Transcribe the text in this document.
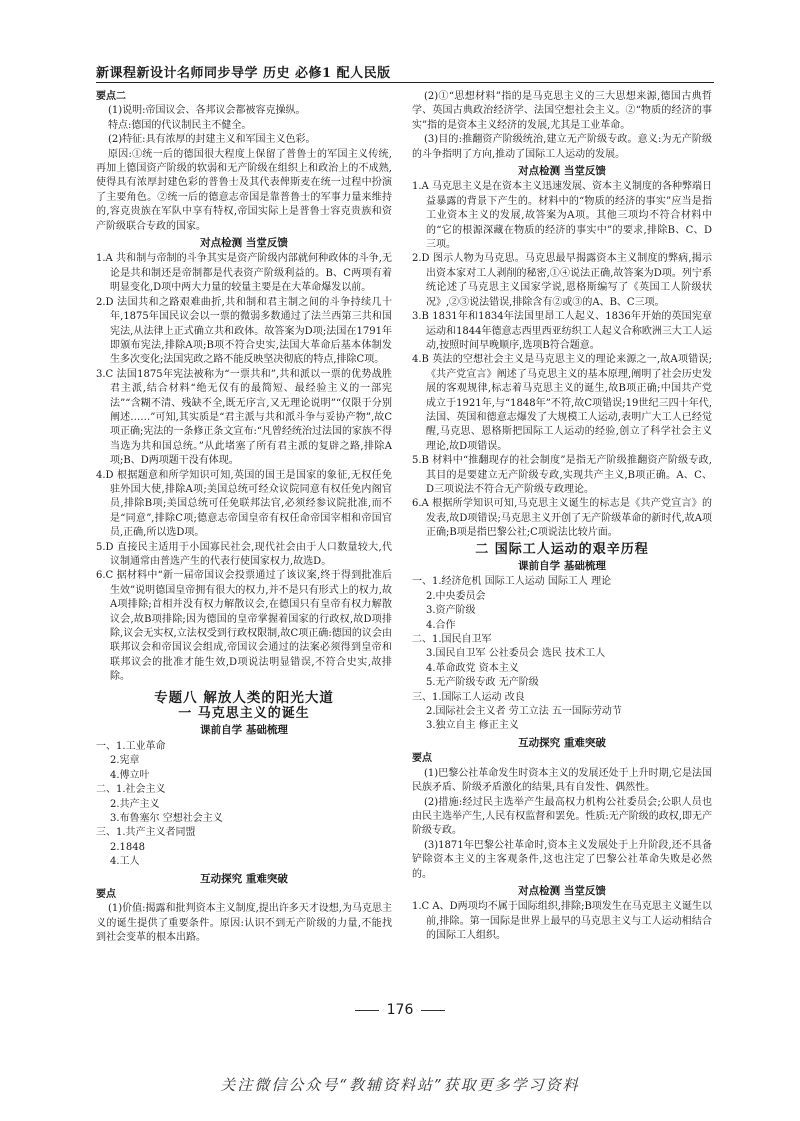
新课程新设计名师同步导学 历史 必修1 配人民版

要点二

(1)说明:帝国议会、各邦议会都被容克操纵。

特点:德国的代议制民主不健全。

(2)特征:具有浓厚的封建主义和军国主义色彩。

原因:①统一后的德国很大程度上保留了普鲁士的军国主义传统,再加上德国资产阶级的软弱和无产阶级在组织上和政治上的不成熟,使得具有浓厚封建色彩的普鲁士及其代表俾斯麦在统一过程中扮演了主要角色。②统一后的德意志帝国是靠普鲁士的军事力量来维持的,容克贵族在军队中享有特权,帝国实际上是普鲁士容克贵族和资产阶级联合专政的国家。

对点检测 当堂反馈

1.A 共和制与帝制的斗争其实是资产阶级内部就何种政体的斗争,无论是共和制还是帝制都是代表资产阶级利益的。B、C两项有着明显变化,D项中两大力量的较量主要是在大革命爆发以前。

2.D 法国共和之路艰难曲折,共和制和君主制之间的斗争持续几十年,1875年国民议会以一票的微弱多数通过了法兰西第三共和国宪法,从法律上正式确立共和政体。故答案为D项;法国在1791年即颁布宪法,排除A项;B项不符合史实,法国大革命后基本体制发生多次变化;法国宪政之路不能反映坚决彻底的特点,排除C项。

3.C 法国1875年宪法被称为“一票共和”,共和派以一票的优势战胜君主派,结合材料“绝无仅有的最简短、最经验主义的一部宪法”“含糊不清、残缺不全,既无序言,又无理论说明”“仅限于分别阐述……”可知,其实质是“君主派与共和派斗争与妥协产物”,故C项正确;宪法的一条修正条文宣布:“凡曾经统治过法国的家族不得当选为共和国总统。”从此堵塞了所有君主派的复辟之路,排除A项;B、D两项题干没有体现。

4.D 根据题意和所学知识可知,英国的国王是国家的象征,无权任免驻外国大使,排除A项;美国总统可经众议院同意有权任免内阁官员,排除B项;美国总统可任免联邦法官,必须经参议院批准,而不是“同意”,排除C项;德意志帝国皇帝有权任命帝国宰相和帝国官员,正确,所以选D项。

5.D 直接民主适用于小国寡民社会,现代社会由于人口数量较大,代议制通常由普选产生的代表行使国家权力,故选D。

6.C 据材料中“新一届帝国议会投票通过了该议案,终于得到批准后生效”说明德国皇帝拥有很大的权力,并不是只有形式上的权力,故A项排除;首相并没有权力解散议会,在德国只有皇帝有权力解散议会,故B项排除;因为德国的皇帝掌握着国家的行政权,故D项排除,议会无实权,立法权受到行政权限制,故C项正确:德国的议会由联邦议会和帝国议会组成,帝国议会通过的法案必须得到皇帝和联邦议会的批准才能生效,D项说法明显错误,不符合史实,故排除。

专题八 解放人类的阳光大道
一 马克思主义的诞生
课前自学 基础梳理

一、1.工业革命

2.宪章

4.傅立叶

二、1.社会主义

2.共产主义

3.布鲁塞尔 空想社会主义

三、1.共产主义者同盟

2.1848

4.工人

互动探究 重难突破

要点

(1)价值:揭露和批判资本主义制度,提出许多天才设想,为马克思主义的诞生提供了重要条件。原因:认识不到无产阶级的力量,不能找到社会变革的根本出路。

(2)①“思想材料”指的是马克思主义的三大思想来源,德国古典哲学、英国古典政治经济学、法国空想社会主义。②“物质的经济的事实”指的是资本主义经济的发展,尤其是工业革命。

(3)目的:推翻资产阶级统治,建立无产阶级专政。意义:为无产阶级的斗争指明了方向,推动了国际工人运动的发展。

对点检测 当堂反馈

1.A 马克思主义是在资本主义迅速发展、资本主义制度的各种弊端日益暴露的背景下产生的。材料中的“物质的经济的事实”应当是指工业资本主义的发展,故答案为A项。其他三项均不符合材料中的“它的根源深藏在物质的经济的事实中”的要求,排除B、C、D三项。

2.D 图示人物为马克思。马克思最早揭露资本主义制度的弊病,揭示出资本家对工人剥削的秘密,①④说法正确,故答案为D项。列宁系统论述了马克思主义国家学说,恩格斯编写了《英国工人阶级状况》,②③说法错误,排除含有②或③的A、B、C三项。

3.B 1831年和1834年法国里昂工人起义、1836年开始的英国宪章运动和1844年德意志西里西亚纺织工人起义合称欧洲三大工人运动,按照时间早晚顺序,选项B符合题意。

4.B 英法的空想社会主义是马克思主义的理论来源之一,故A项错误;《共产党宣言》阐述了马克思主义的基本原理,阐明了社会历史发展的客观规律,标志着马克思主义的诞生,故B项正确;中国共产党成立于1921年,与“1848年”不符,故C项错误;19世纪三四十年代,法国、英国和德意志爆发了大规模工人运动,表明广大工人已经觉醒,马克思、恩格斯把国际工人运动的经验,创立了科学社会主义理论,故D项错误。

5.B 材料中“推翻现存的社会制度”是指无产阶级推翻资产阶级专政,其目的是要建立无产阶级专政,实现共产主义,B项正确。A、C、D三项说法不符合无产阶级专政理论。

6.A 根据所学知识可知,马克思主义诞生的标志是《共产党宣言》的发表,故D项错误;马克思主义开创了无产阶级革命的新时代,故A项正确;B项是指巴黎公社;C项说法比较片面。

二 国际工人运动的艰辛历程
课前自学 基础梳理

一、1.经济危机 国际工人运动 国际工人 理论

2.中央委员会

3.资产阶级

4.合作

二、1.国民自卫军

3.国民自卫军 公社委员会 选民 技术工人

4.革命政党 资本主义

5.无产阶级专政 无产阶级

三、1.国际工人运动 改良

2.国际社会主义者 劳工立法 五一国际劳动节

3.独立自主 修正主义

互动探究 重难突破

要点

(1)巴黎公社革命发生时资本主义的发展还处于上升时期,它是法国民族矛盾、阶级矛盾激化的结果,具有自发性、偶然性。

(2)措施:经过民主选举产生最高权力机构公社委员会;公职人员也由民主选举产生,人民有权监督和罢免。性质:无产阶级的政权,即无产阶级专政。

(3)1871年巴黎公社革命时,资本主义发展处于上升阶段,还不具备铲除资本主义的主客观条件,这也注定了巴黎公社革命失败是必然的。

对点检测 当堂反馈

1.C A、D两项均不属于国际组织,排除;B项发生在马克思主义诞生以前,排除。第一国际是世界上最早的马克思主义与工人运动相结合的国际工人组织。

176
关注微信公众号“教辅资料站”获取更多学习资料
